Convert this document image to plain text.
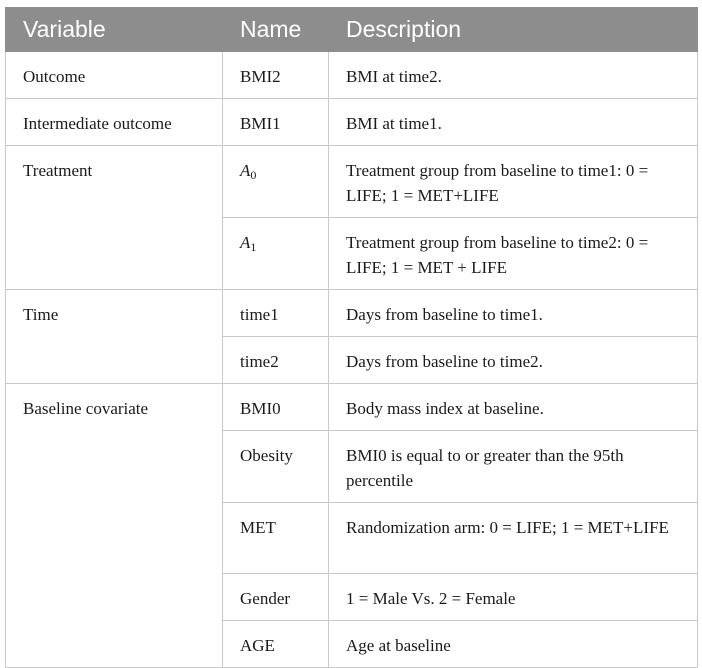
Variable	Name	Description
Outcome	BMI2	BMI at time2.
Intermediate outcome	BMI1	BMI at time1.
Treatment	$A_0$	Treatment group from baseline to time1: 0 = LIFE; 1 = MET+LIFE
	$A_1$	Treatment group from baseline to time2: 0 = LIFE; 1 = MET + LIFE
Time	time1	Days from baseline to time1.
	time2	Days from baseline to time2.
Baseline covariate	BMI0	Body mass index at baseline.
	Obesity	BMI0 is equal to or greater than the 95th percentile
	MET	Randomization arm: 0 = LIFE; 1 = MET+LIFE
	Gender	1 = Male Vs. 2 = Female
	AGE	Age at baseline
